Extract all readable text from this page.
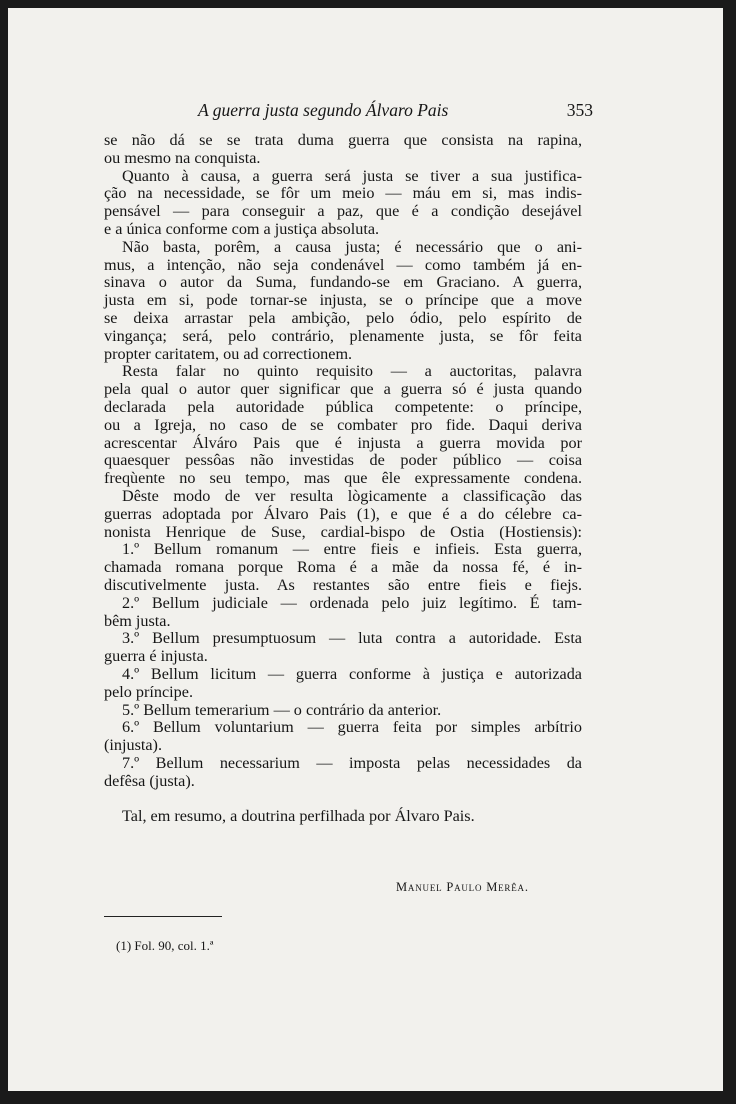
A guerra justa segundo Álvaro Pais	353
se não dá se se trata duma guerra que consista na rapina,
ou mesmo na conquista.
Quanto à causa, a guerra será justa se tiver a sua justifica-
ção na necessidade, se fôr um meio — máu em si, mas indis-
pensável — para conseguir a paz, que é a condição desejável
e a única conforme com a justiça absoluta.
Não basta, porêm, a causa justa; é necessário que o ani-
mus, a intenção, não seja condenável — como também já en-
sinava o autor da Suma, fundando-se em Graciano. A guerra,
justa em si, pode tornar-se injusta, se o príncipe que a move
se deixa arrastar pela ambição, pelo ódio, pelo espírito de
vingança; será, pelo contrário, plenamente justa, se fôr feita
propter caritatem, ou ad correctionem.
Resta falar no quinto requisito — a auctoritas, palavra
pela qual o autor quer significar que a guerra só é justa quando
declarada pela autoridade pública competente: o príncipe,
ou a Igreja, no caso de se combater pro fide. Daqui deriva
acrescentar Álváro Pais que é injusta a guerra movida por
quaesquer pessôas não investidas de poder público — coisa
freqùente no seu tempo, mas que êle expressamente condena.
Dêste modo de ver resulta lògicamente a classificação das
guerras adoptada por Álvaro Pais (1), e que é a do célebre ca-
nonista Henrique de Suse, cardial-bispo de Ostia (Hostiensis):
1.º Bellum romanum — entre fieis e infieis. Esta guerra,
chamada romana porque Roma é a mãe da nossa fé, é in-
discutivelmente justa. As restantes são entre fieis e fiejs.
2.º Bellum judiciale — ordenada pelo juiz legítimo. É tam-
bêm justa.
3.º Bellum presumptuosum — luta contra a autoridade. Esta
guerra é injusta.
4.º Bellum licitum — guerra conforme à justiça e autorizada
pelo príncipe.
5.º Bellum temerarium — o contrário da anterior.
6.º Bellum voluntarium — guerra feita por simples arbítrio
(injusta).
7.º Bellum necessarium — imposta pelas necessidades da
defêsa (justa).
Tal, em resumo, a doutrina perfilhada por Álvaro Pais.
Manuel Paulo Merêa.
(1) Fol. 90, col. 1.ª
